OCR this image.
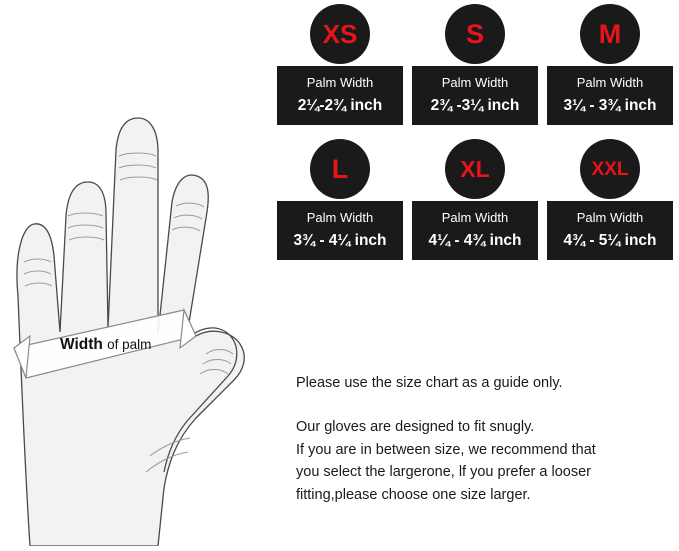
Width of palm
XS
Palm Width
2¼-2¾ inch
S
Palm Width
2¾ -3¼ inch
M
Palm Width
3¼ - 3¾ inch
L
Palm Width
3¾ - 4¼ inch
XL
Palm Width
4¼ - 4¾ inch
XXL
Palm Width
4¾ - 5¼ inch

Please use the size chart as a guide only.

Our gloves are designed to fit snugly.
If you are in between size, we recommend that
you select the largerone, lf you prefer a looser
fitting,please choose one size larger.
